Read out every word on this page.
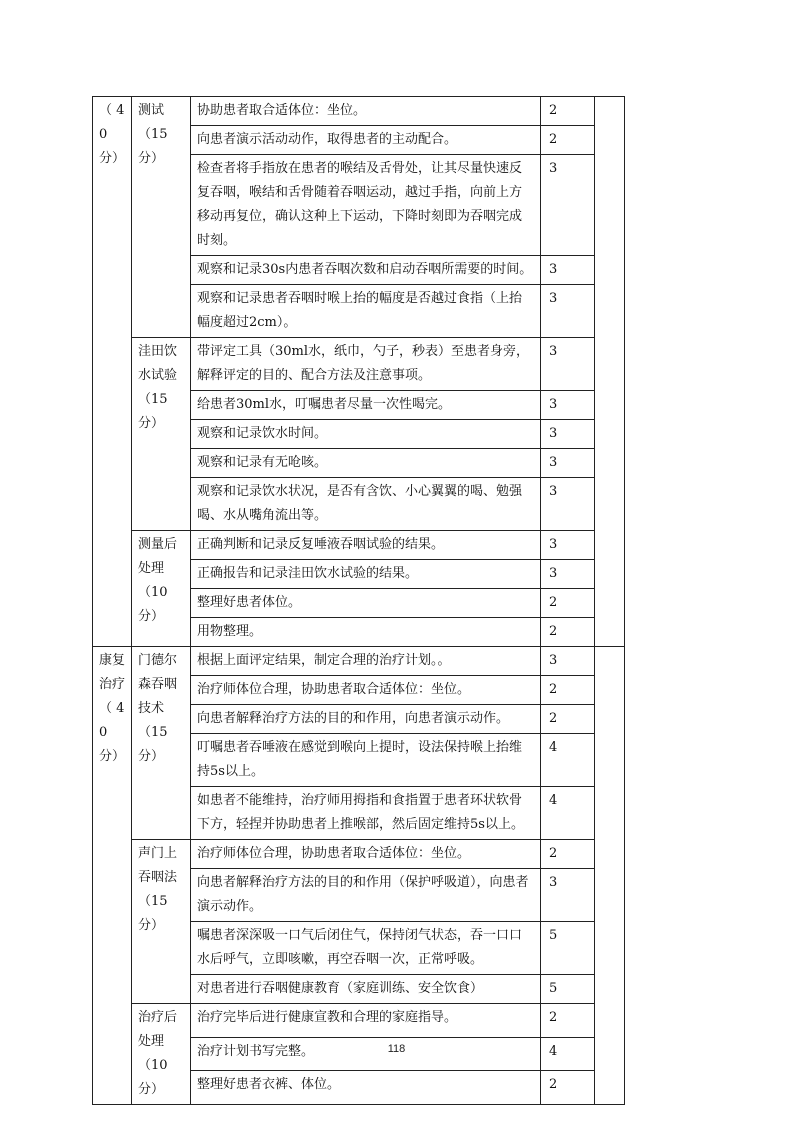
（ 40 分）	测试（15分）	协助患者取合适体位：坐位。	2	
		向患者演示活动动作，取得患者的主动配合。	2	
		检查者将手指放在患者的喉结及舌骨处，让其尽量快速反复吞咽，喉结和舌骨随着吞咽运动，越过手指，向前上方移动再复位，确认这种上下运动，下降时刻即为吞咽完成时刻。	3	
		观察和记录30s内患者吞咽次数和启动吞咽所需要的时间。	3	
		观察和记录患者吞咽时喉上抬的幅度是否越过食指（上抬幅度超过2cm）。	3	
	洼田饮水试验（15分）	带评定工具（30ml水，纸巾，勺子，秒表）至患者身旁，解释评定的目的、配合方法及注意事项。	3	
		给患者30ml水，叮嘱患者尽量一次性喝完。	3	
		观察和记录饮水时间。	3	
		观察和记录有无呛咳。	3	
		观察和记录饮水状况，是否有含饮、小心翼翼的喝、勉强喝、水从嘴角流出等。	3	
	测量后处理（10分）	正确判断和记录反复唾液吞咽试验的结果。	3	
		正确报告和记录洼田饮水试验的结果。	3	
		整理好患者体位。	2	
		用物整理。	2	
康复治疗（ 40 分）	门德尔森吞咽技术（15分）	根据上面评定结果，制定合理的治疗计划。。	3	
		治疗师体位合理，协助患者取合适体位：坐位。	2	
		向患者解释治疗方法的目的和作用，向患者演示动作。	2	
		叮嘱患者吞唾液在感觉到喉向上提时，设法保持喉上抬维持5s以上。	4	
		如患者不能维持，治疗师用拇指和食指置于患者环状软骨下方，轻捏并协助患者上推喉部，然后固定维持5s以上。	4	
	声门上吞咽法（15分）	治疗师体位合理，协助患者取合适体位：坐位。	2	
		向患者解释治疗方法的目的和作用（保护呼吸道），向患者演示动作。	3	
		嘱患者深深吸一口气后闭住气，保持闭气状态，吞一口口水后呼气，立即咳嗽，再空吞咽一次，正常呼吸。	5	
		对患者进行吞咽健康教育（家庭训练、安全饮食）	5	
	治疗后处理（10分）	治疗完毕后进行健康宣教和合理的家庭指导。	2	
		治疗计划书写完整。	4	
		整理好患者衣裤、体位。	2	
118
